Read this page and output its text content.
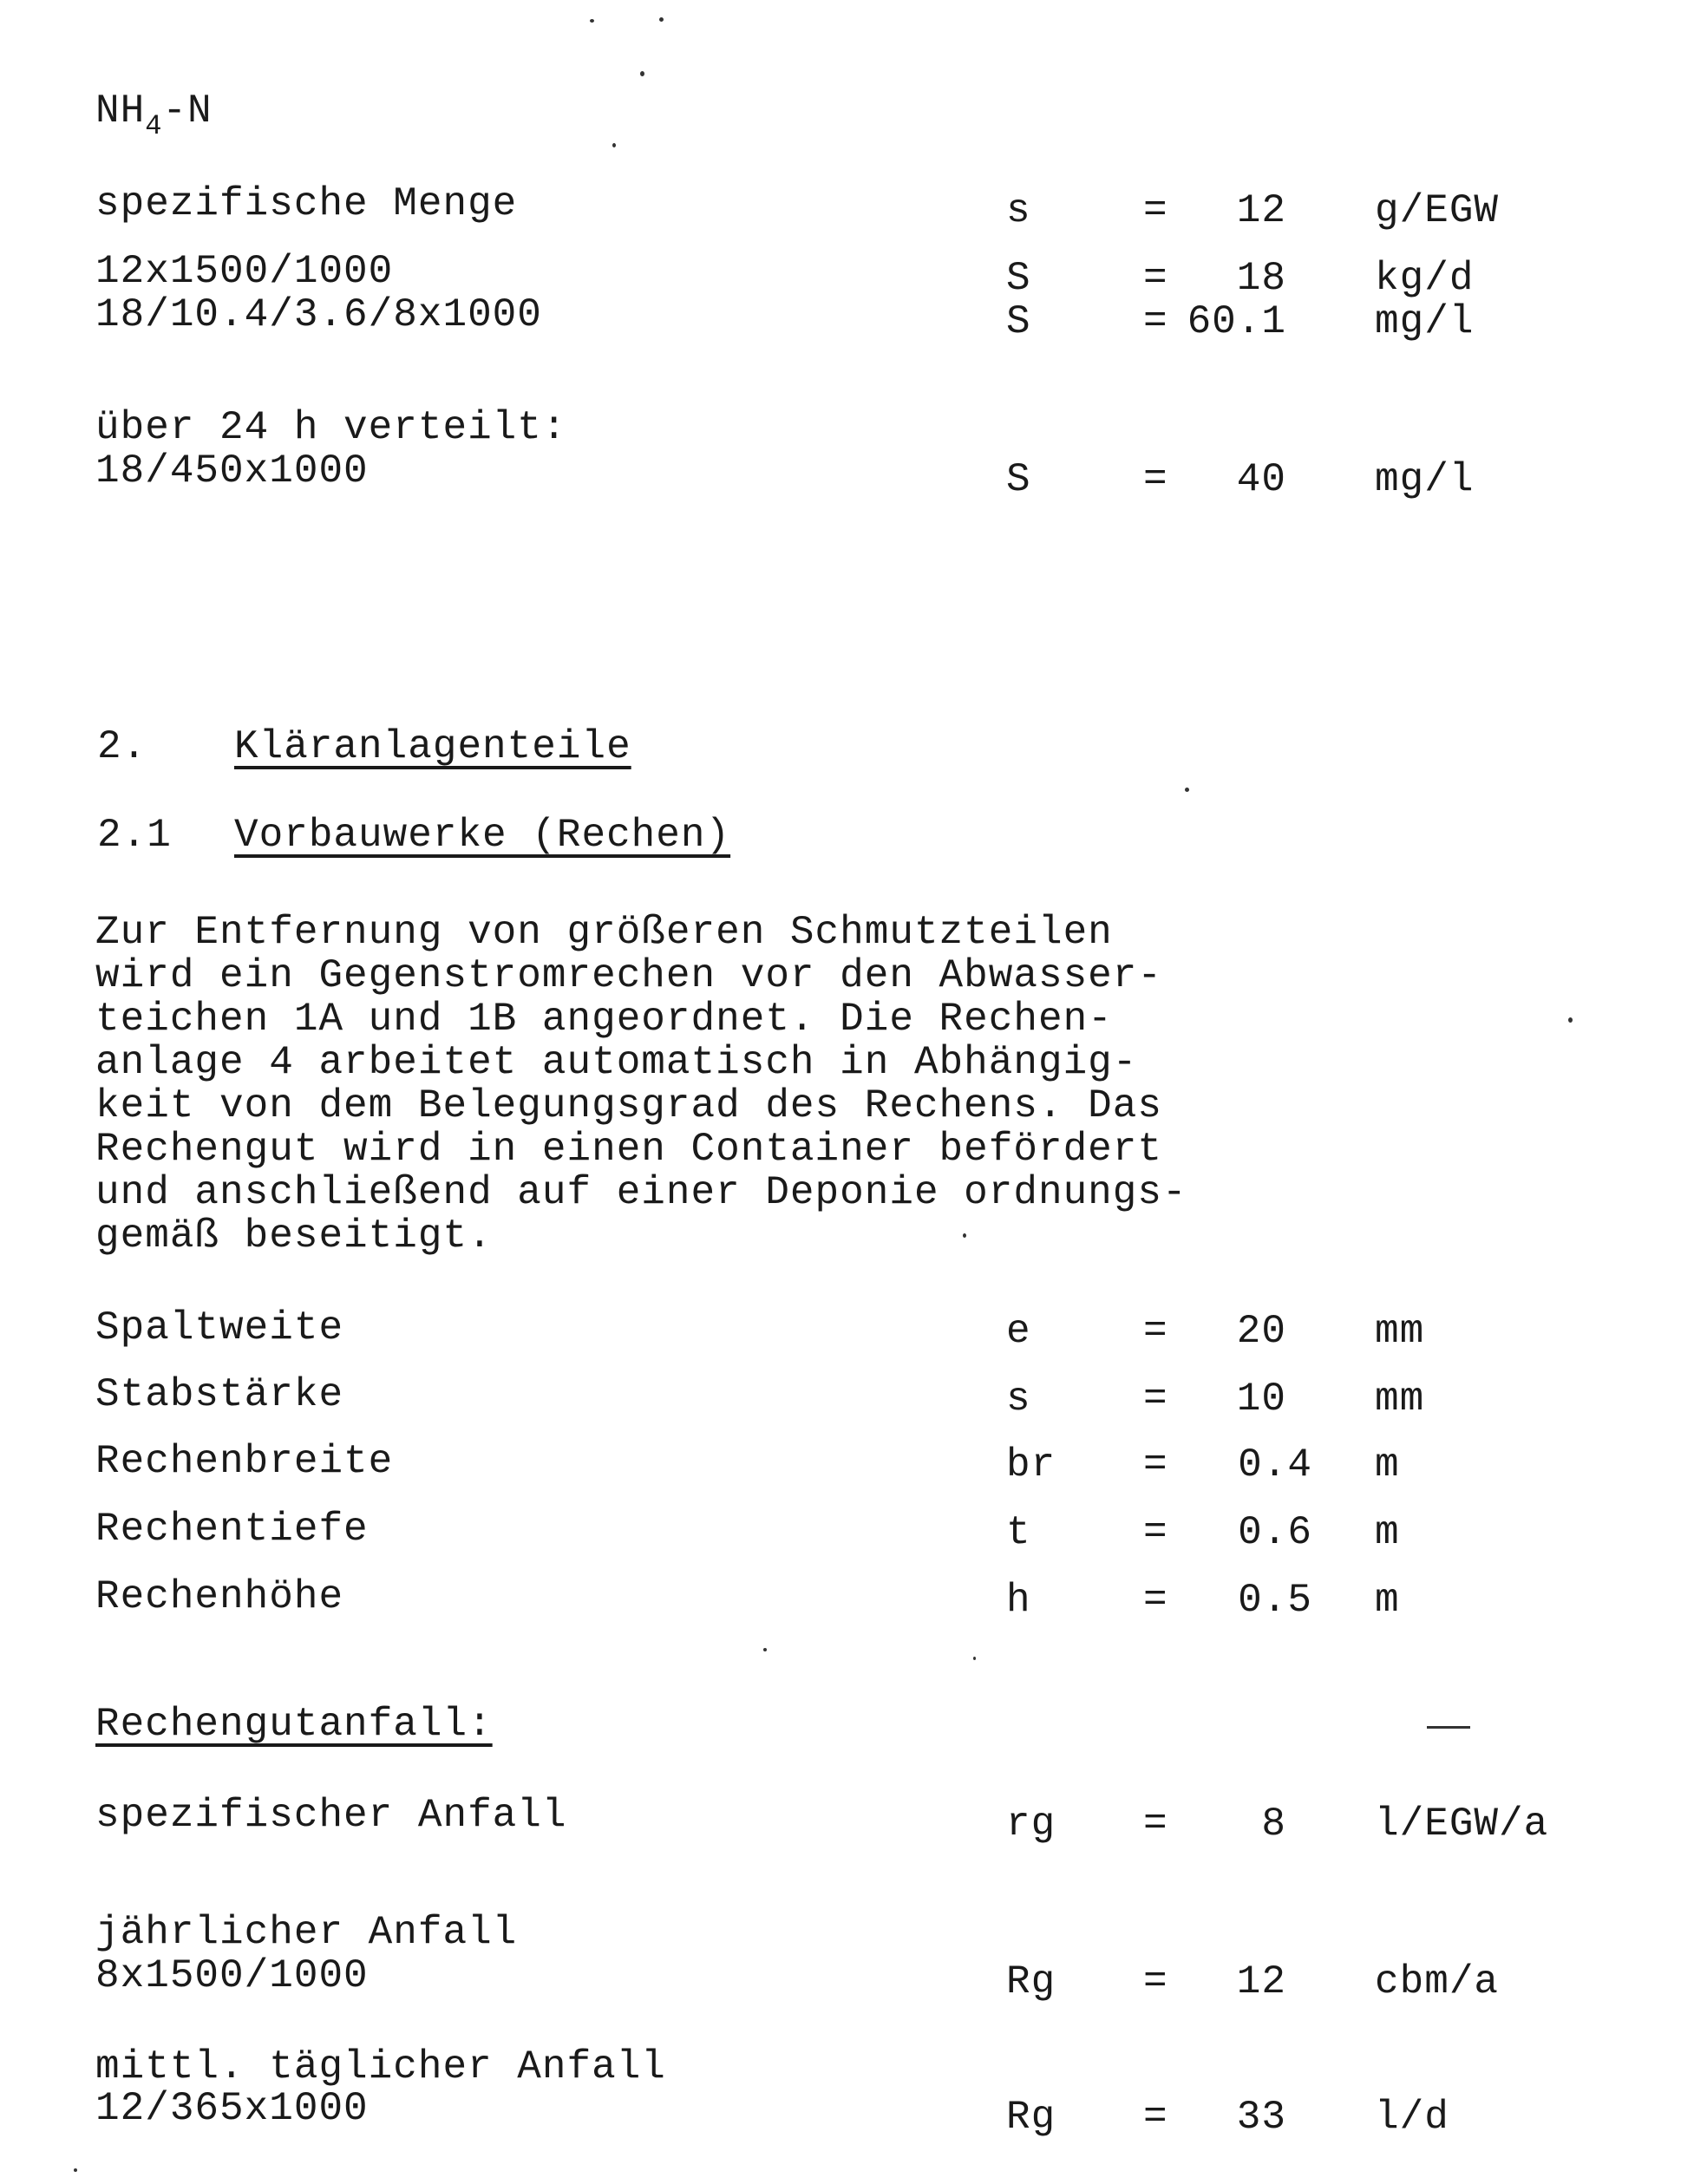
$NH_4-N$
spezifische Menge	s	= 12 g/EGW
12x1500/1000	S	= 18 kg/d
18/10.4/3.6/8x1000	S	= 60.1 mg/l
über 24 h verteilt:
18/450x1000	S	= 40 mg/l
2. Kläranlagenteile
2.1 Vorbauwerke (Rechen)
Zur Entfernung von größeren Schmutzteilen
wird ein Gegenstromrechen vor den Abwasser-
teichen 1A und 1B angeordnet. Die Rechen-
anlage 4 arbeitet automatisch in Abhängig-
keit von dem Belegungsgrad des Rechens. Das
Rechengut wird in einen Container befördert
und anschließend auf einer Deponie ordnungs-
gemäß beseitigt.
Spaltweite	e	= 20 mm
Stabstärke	s	= 10 mm
Rechenbreite	br = 0.4 m
Rechentiefe	t	= 0.6 m
Rechenhöhe	h	= 0.5 m
Rechengutanfall:
spezifischer Anfall	rg = 8 l/EGW/a
jährlicher Anfall
8x1500/1000	Rg = 12 cbm/a
mittl. täglicher Anfall
12/365x1000	Rg = 33 l/d
